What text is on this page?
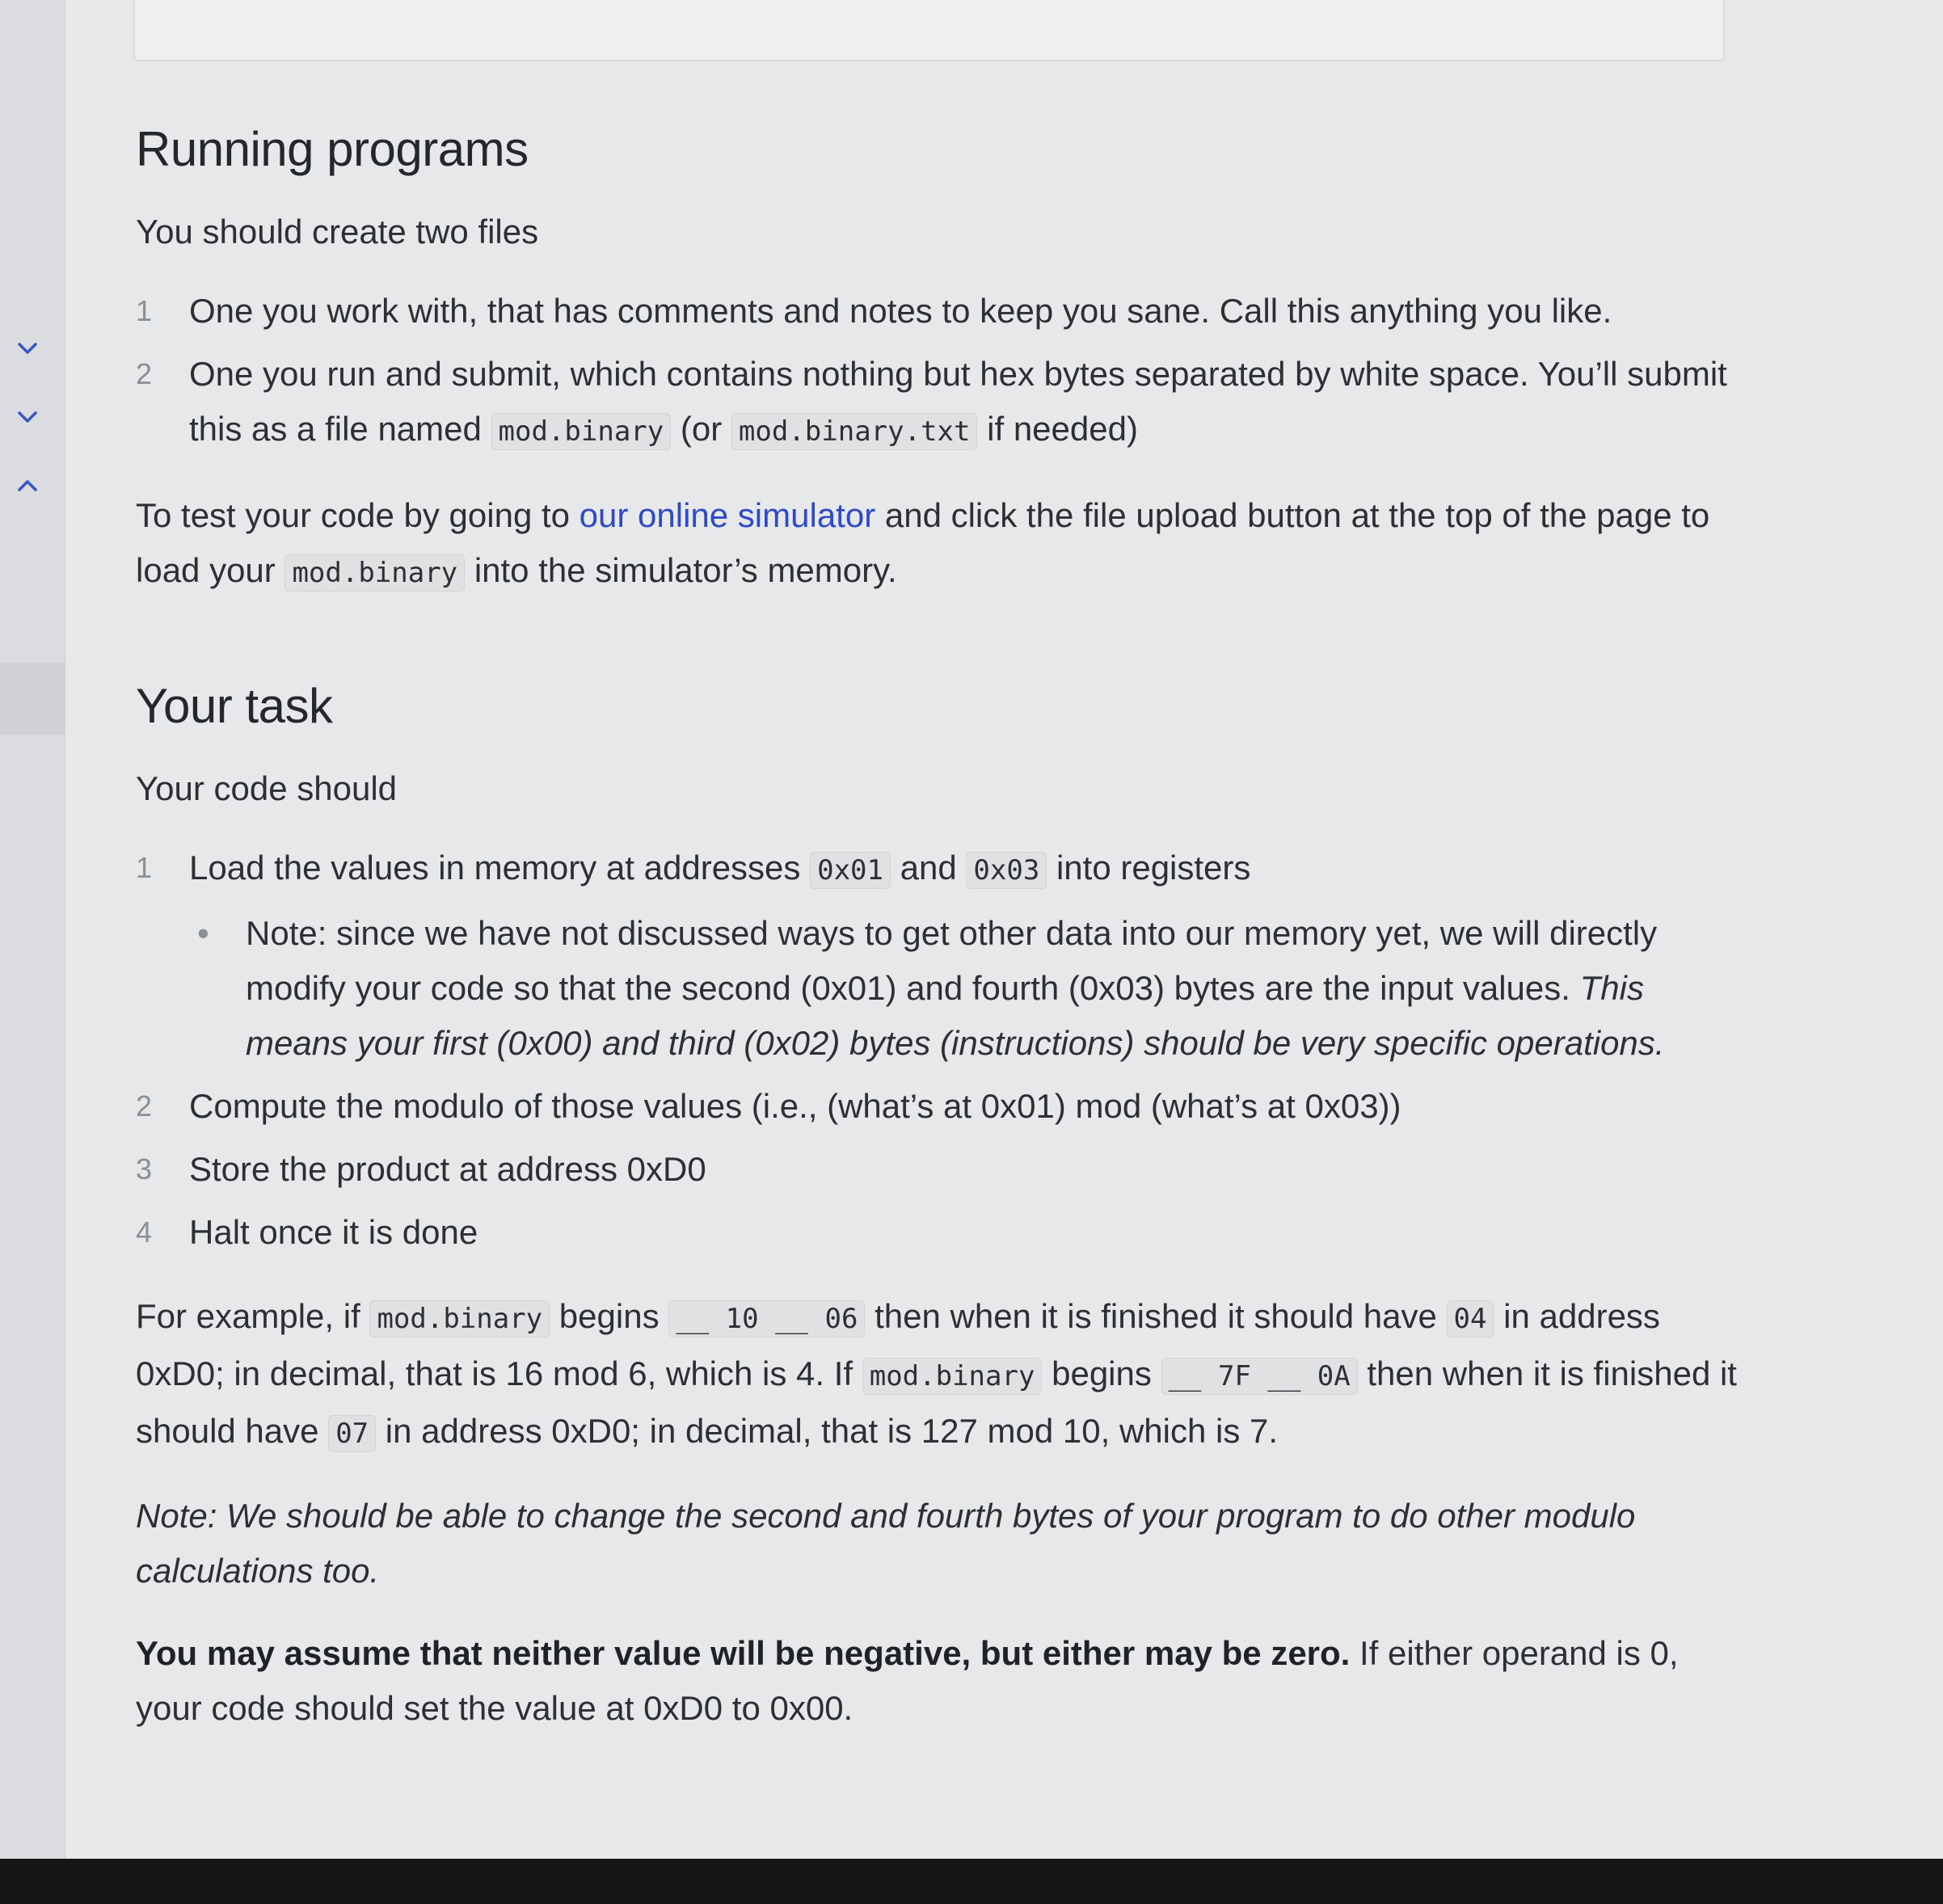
Running programs

You should create two files

1	One you work with, that has comments and notes to keep you sane. Call this anything you like.
2	One you run and submit, which contains nothing but hex bytes separated by white space. You’ll submit this as a file named mod.binary (or mod.binary.txt if needed)

To test your code by going to our online simulator and click the file upload button at the top of the page to load your mod.binary into the simulator’s memory.

Your task

Your code should

1	Load the values in memory at addresses 0x01 and 0x03 into registers
• Note: since we have not discussed ways to get other data into our memory yet, we will directly modify your code so that the second (0x01) and fourth (0x03) bytes are the input values. This means your first (0x00) and third (0x02) bytes (instructions) should be very specific operations.
2	Compute the modulo of those values (i.e., (what’s at 0x01) mod (what’s at 0x03))
3	Store the product at address 0xD0
4	Halt once it is done

For example, if mod.binary begins __ 10 __ 06 then when it is finished it should have 04 in address 0xD0; in decimal, that is 16 mod 6, which is 4. If mod.binary begins __ 7F __ 0A then when it is finished it should have 07 in address 0xD0; in decimal, that is 127 mod 10, which is 7.

Note: We should be able to change the second and fourth bytes of your program to do other modulo calculations too.

You may assume that neither value will be negative, but either may be zero. If either operand is 0, your code should set the value at 0xD0 to 0x00.
